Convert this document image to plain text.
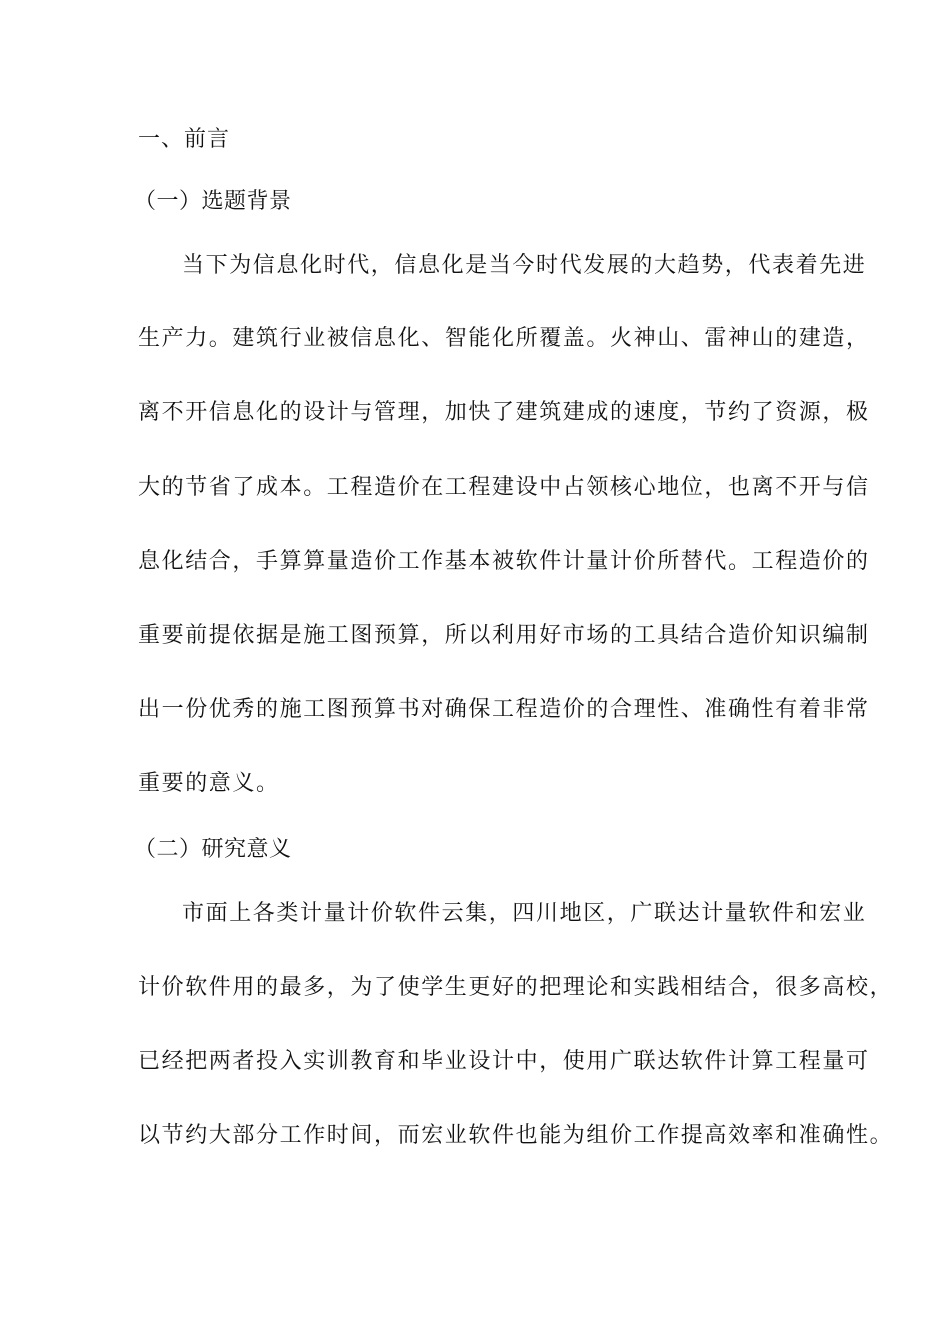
一、前言
（一）选题背景
当下为信息化时代，信息化是当今时代发展的大趋势，代表着先进
生产力。建筑行业被信息化、智能化所覆盖。火神山、雷神山的建造，
离不开信息化的设计与管理，加快了建筑建成的速度，节约了资源，极
大的节省了成本。工程造价在工程建设中占领核心地位，也离不开与信
息化结合，手算算量造价工作基本被软件计量计价所替代。工程造价的
重要前提依据是施工图预算，所以利用好市场的工具结合造价知识编制
出一份优秀的施工图预算书对确保工程造价的合理性、准确性有着非常
重要的意义。
（二）研究意义
市面上各类计量计价软件云集，四川地区，广联达计量软件和宏业
计价软件用的最多，为了使学生更好的把理论和实践相结合，很多高校，
已经把两者投入实训教育和毕业设计中，使用广联达软件计算工程量可
以节约大部分工作时间，而宏业软件也能为组价工作提高效率和准确性。
